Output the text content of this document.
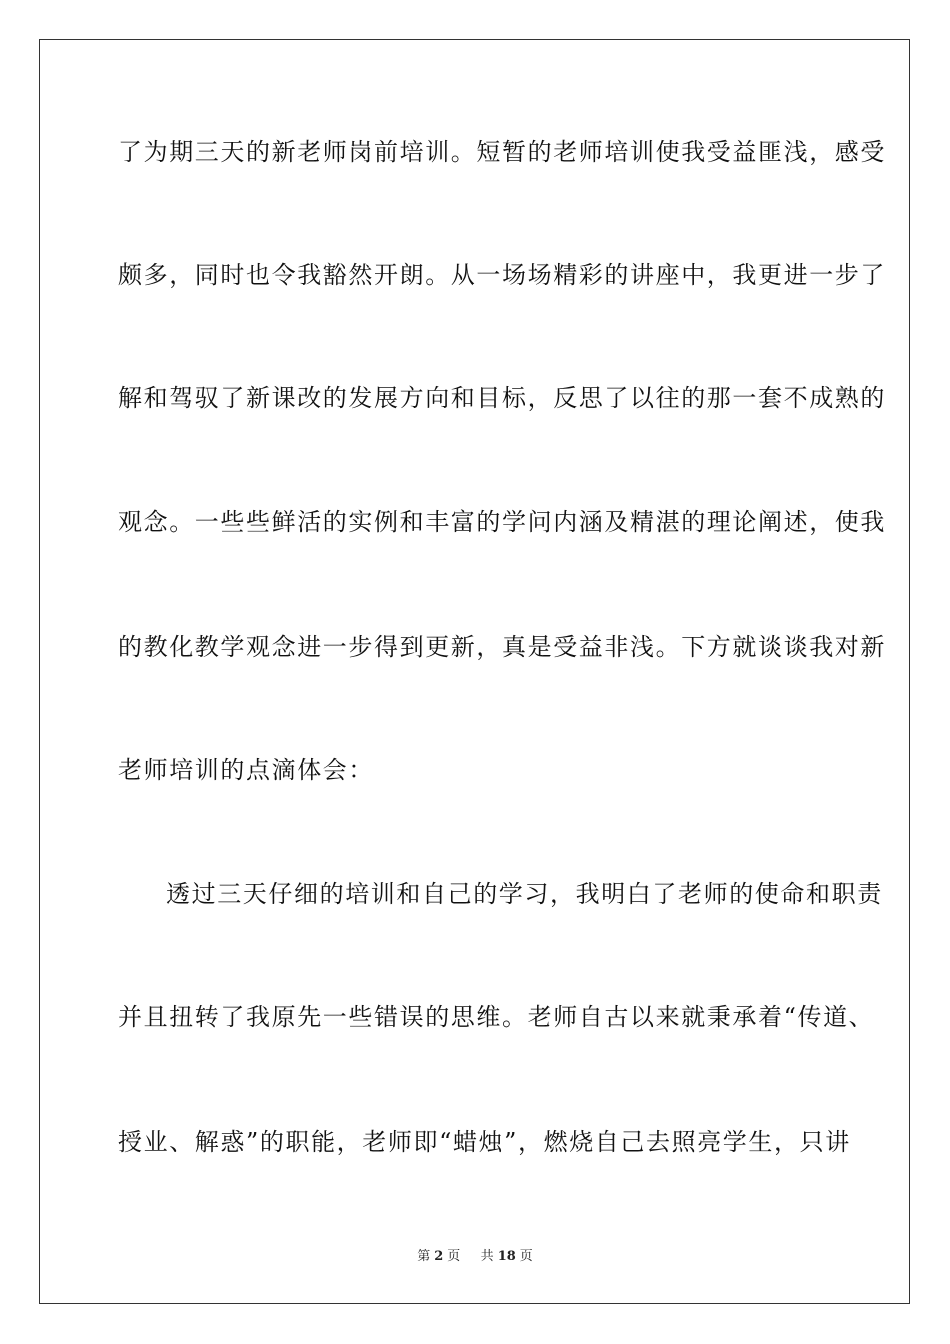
了为期三天的新老师岗前培训。短暂的老师培训使我受益匪浅，感受
颇多，同时也令我豁然开朗。从一场场精彩的讲座中，我更进一步了
解和驾驭了新课改的发展方向和目标，反思了以往的那一套不成熟的
观念。一些些鲜活的实例和丰富的学问内涵及精湛的理论阐述，使我
的教化教学观念进一步得到更新，真是受益非浅。下方就谈谈我对新
老师培训的点滴体会：
透过三天仔细的培训和自己的学习，我明白了老师的使命和职责
并且扭转了我原先一些错误的思维。老师自古以来就秉承着“传道、
授业、解惑”的职能，老师即“蜡烛”，燃烧自己去照亮学生，只讲
第 2 页 共 18 页
